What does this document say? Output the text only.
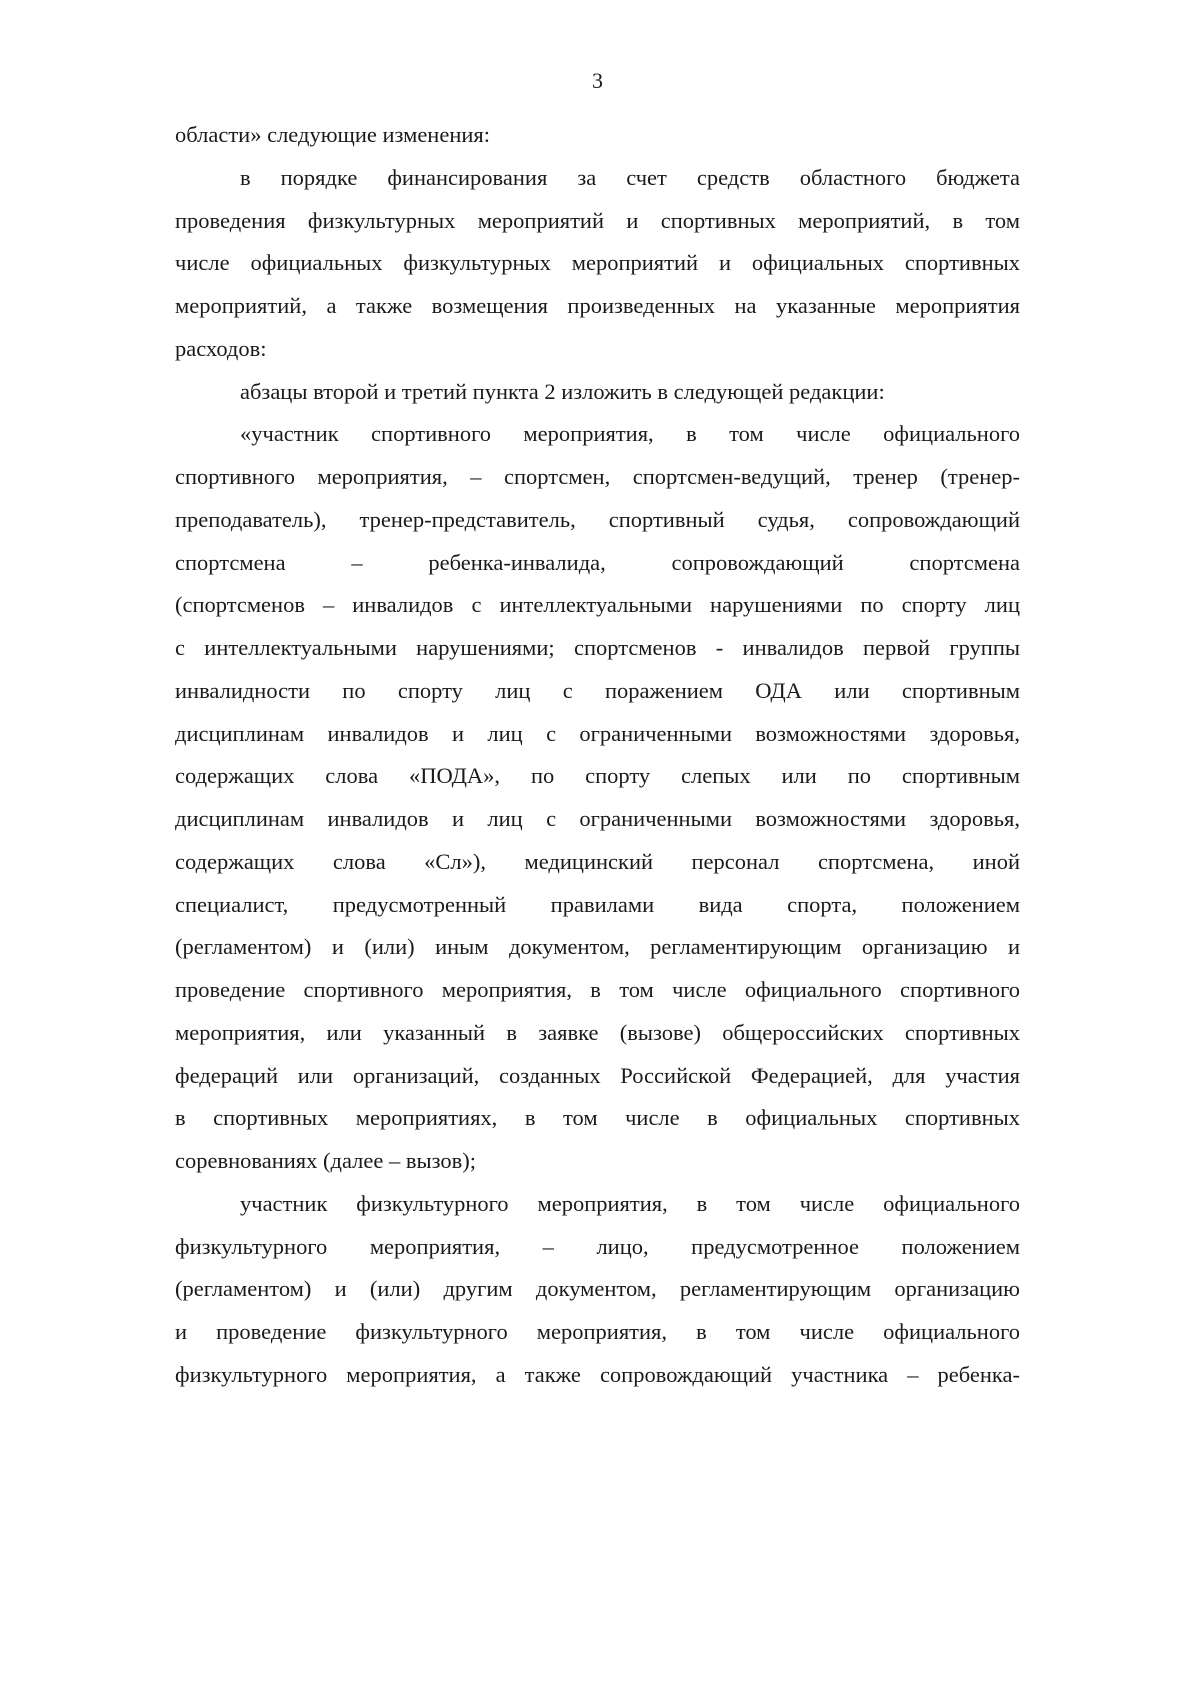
3
области» следующие изменения:
в порядке финансирования за счет средств областного бюджета
проведения физкультурных мероприятий и спортивных мероприятий, в том
числе официальных физкультурных мероприятий и официальных спортивных
мероприятий, а также возмещения произведенных на указанные мероприятия
расходов:
абзацы второй и третий пункта 2 изложить в следующей редакции:
«участник спортивного мероприятия, в том числе официального
спортивного мероприятия, – спортсмен, спортсмен-ведущий, тренер (тренер-
преподаватель), тренер-представитель, спортивный судья, сопровождающий
спортсмена – ребенка-инвалида, сопровождающий спортсмена
(спортсменов – инвалидов с интеллектуальными нарушениями по спорту лиц
с интеллектуальными нарушениями; спортсменов - инвалидов первой группы
инвалидности по спорту лиц с поражением ОДА или спортивным
дисциплинам инвалидов и лиц с ограниченными возможностями здоровья,
содержащих слова «ПОДА», по спорту слепых или по спортивным
дисциплинам инвалидов и лиц с ограниченными возможностями здоровья,
содержащих слова «Сл»), медицинский персонал спортсмена, иной
специалист, предусмотренный правилами вида спорта, положением
(регламентом) и (или) иным документом, регламентирующим организацию и
проведение спортивного мероприятия, в том числе официального спортивного
мероприятия, или указанный в заявке (вызове) общероссийских спортивных
федераций или организаций, созданных Российской Федерацией, для участия
в спортивных мероприятиях, в том числе в официальных спортивных
соревнованиях (далее – вызов);
участник физкультурного мероприятия, в том числе официального
физкультурного мероприятия, – лицо, предусмотренное положением
(регламентом) и (или) другим документом, регламентирующим организацию
и проведение физкультурного мероприятия, в том числе официального
физкультурного мероприятия, а также сопровождающий участника – ребенка-
